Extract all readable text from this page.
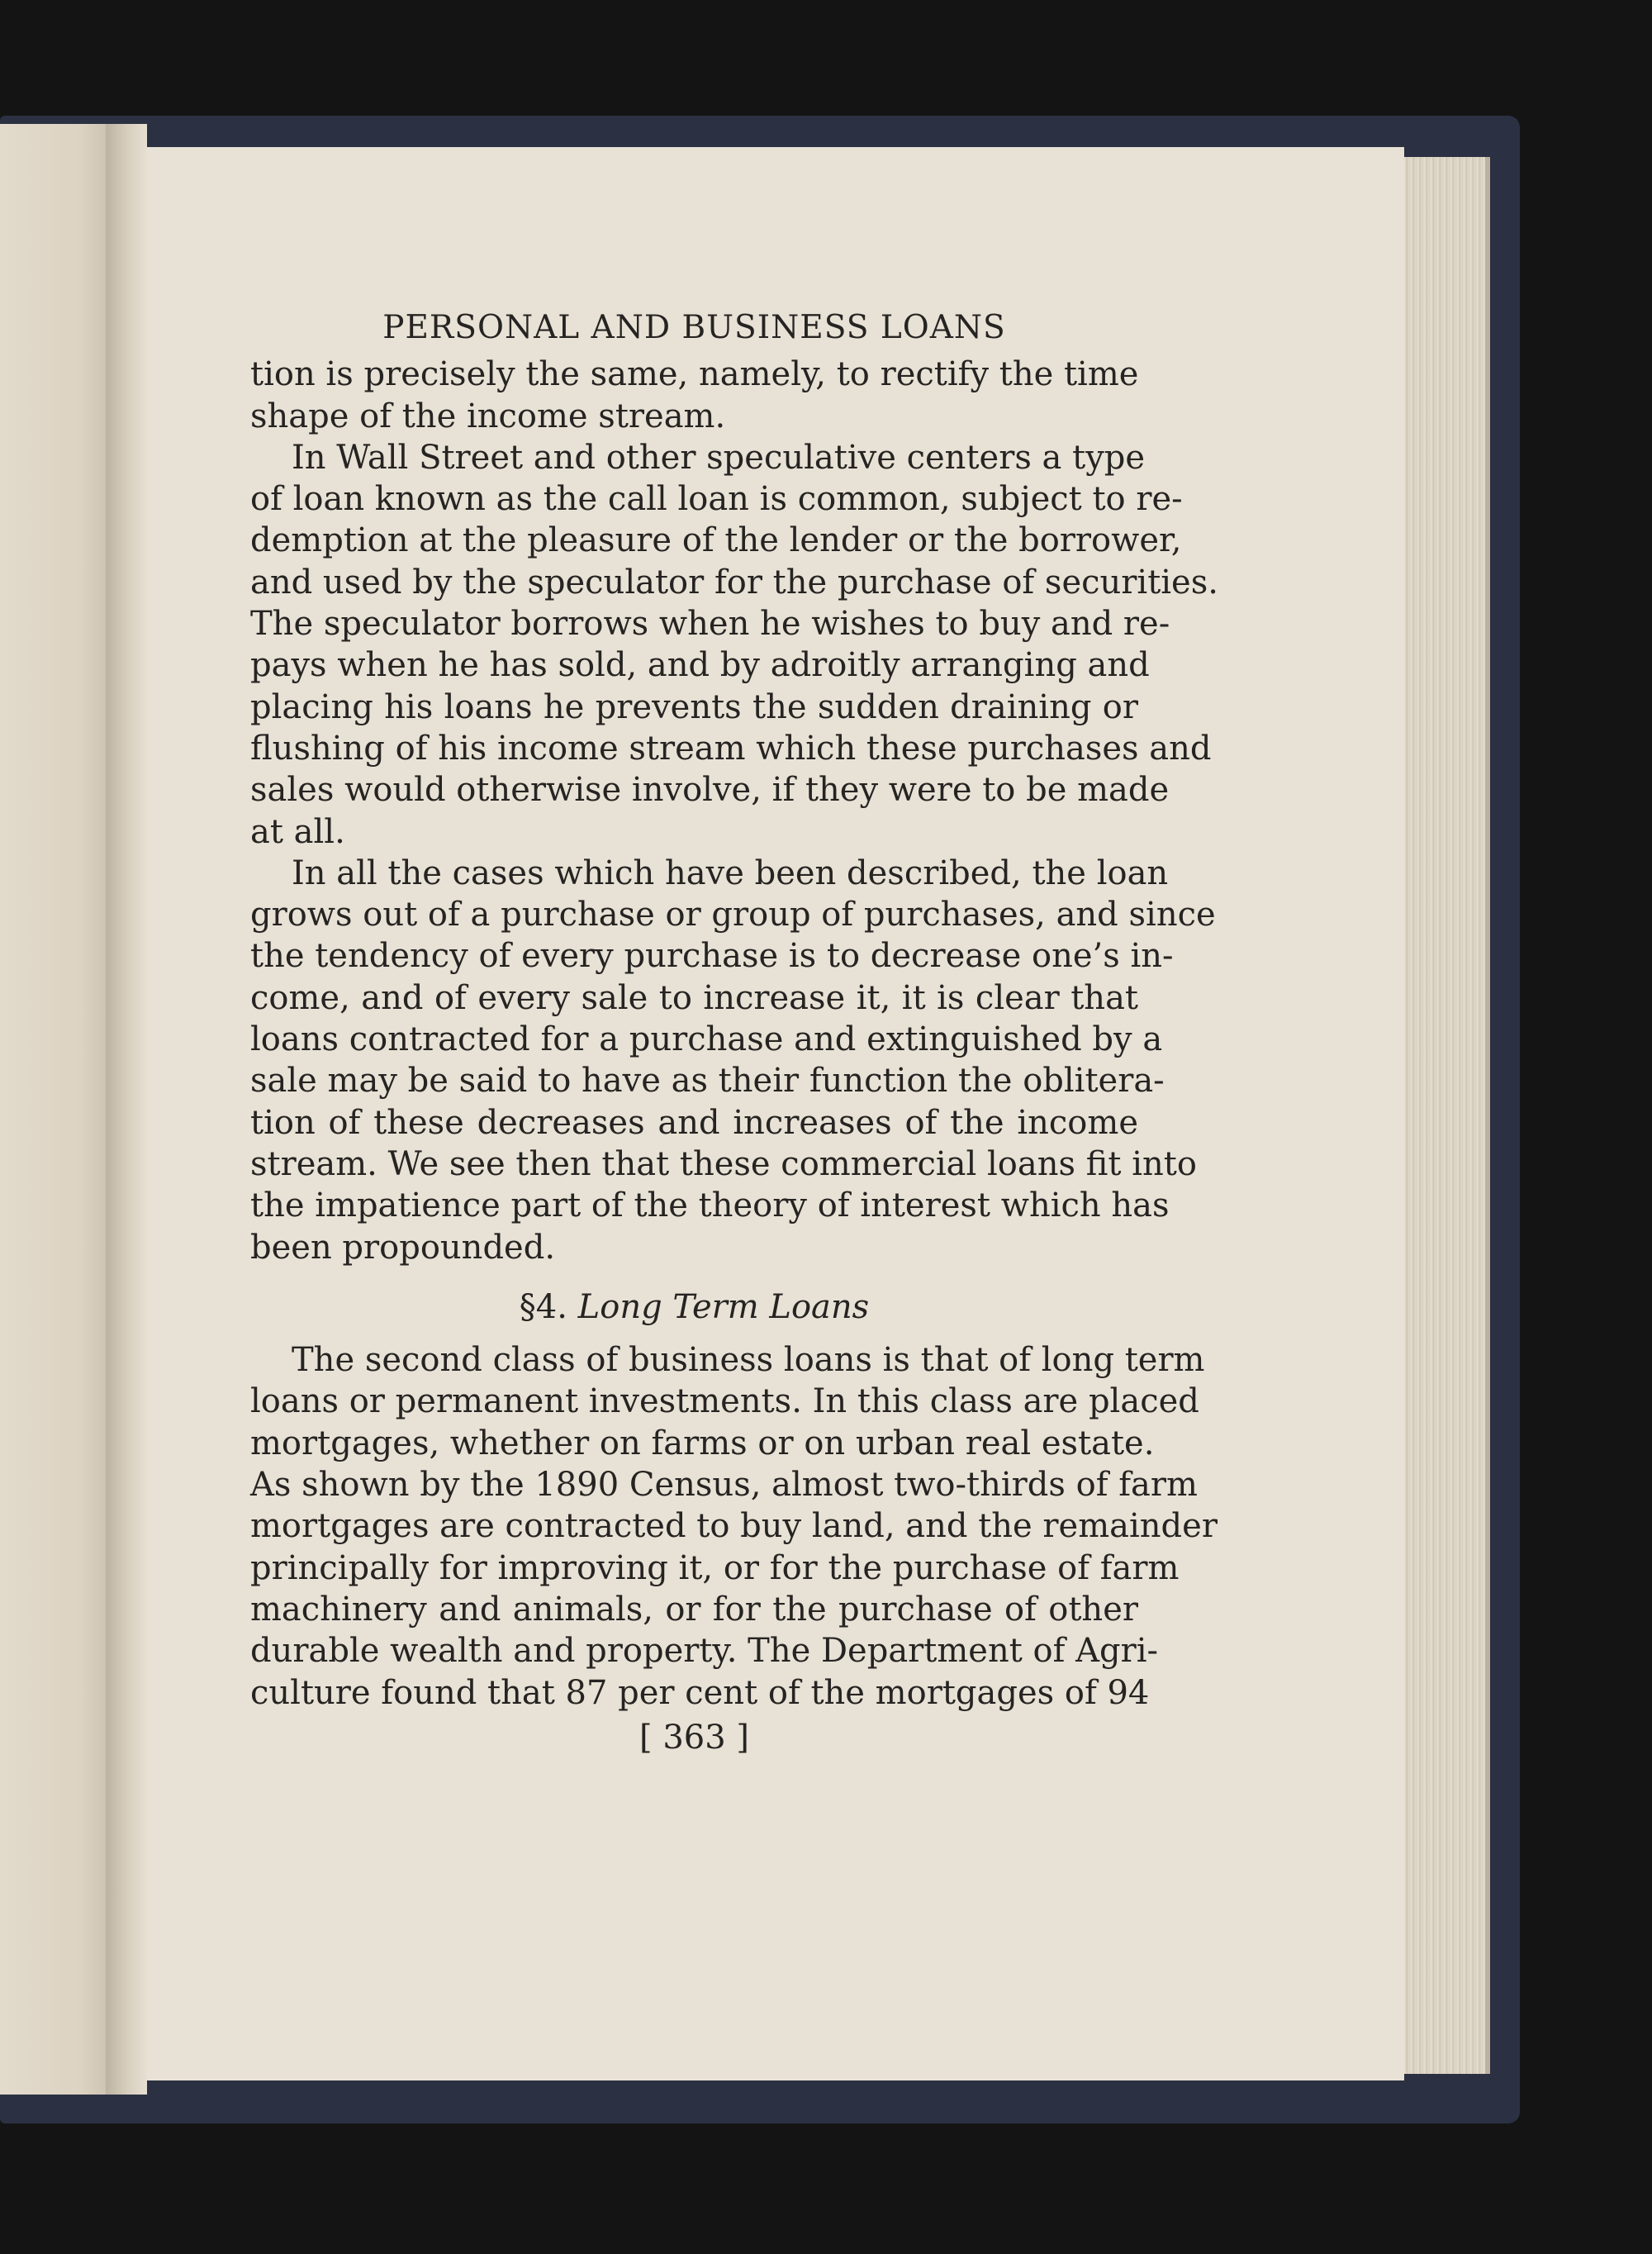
PERSONAL AND BUSINESS LOANS
tion is precisely the same, namely, to rectify the time
shape of the income stream.
In Wall Street and other speculative centers a type
of loan known as the call loan is common, subject to re-
demption at the pleasure of the lender or the borrower,
and used by the speculator for the purchase of securities.
The speculator borrows when he wishes to buy and re-
pays when he has sold, and by adroitly arranging and
placing his loans he prevents the sudden draining or
flushing of his income stream which these purchases and
sales would otherwise involve, if they were to be made
at all.
In all the cases which have been described, the loan
grows out of a purchase or group of purchases, and since
the tendency of every purchase is to decrease one’s in-
come, and of every sale to increase it, it is clear that
loans contracted for a purchase and extinguished by a
sale may be said to have as their function the oblitera-
tion of these decreases and increases of the income
stream. We see then that these commercial loans fit into
the impatience part of the theory of interest which has
been propounded.
§4. Long Term Loans
The second class of business loans is that of long term
loans or permanent investments. In this class are placed
mortgages, whether on farms or on urban real estate.
As shown by the 1890 Census, almost two-thirds of farm
mortgages are contracted to buy land, and the remainder
principally for improving it, or for the purchase of farm
machinery and animals, or for the purchase of other
durable wealth and property. The Department of Agri-
culture found that 87 per cent of the mortgages of 94
[ 363 ]
